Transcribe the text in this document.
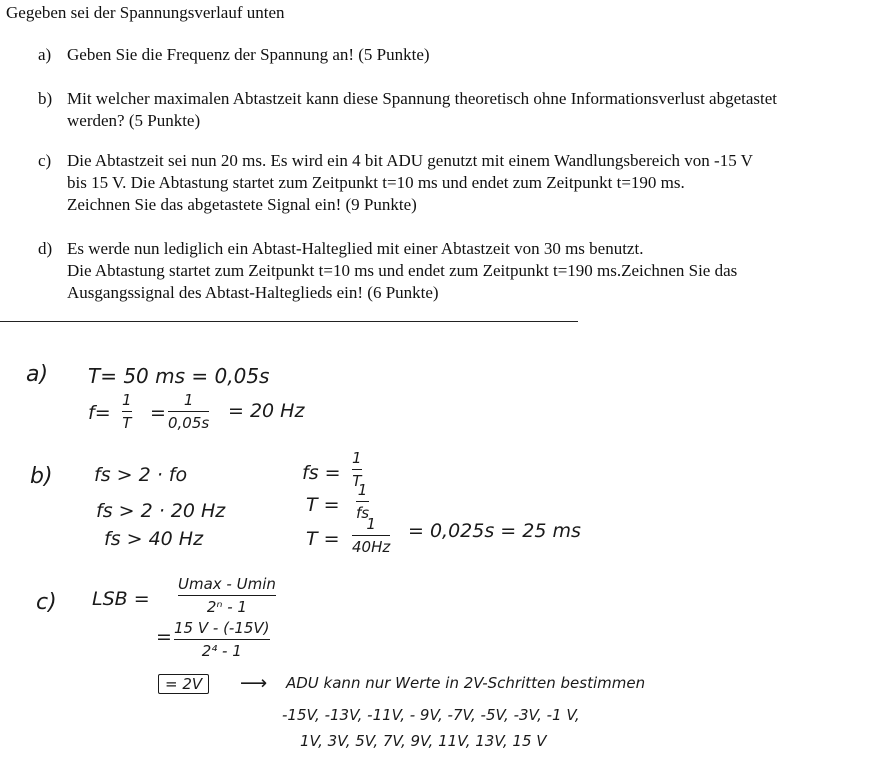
Gegeben sei der Spannungsverlauf unten
a) Geben Sie die Frequenz der Spannung an! (5 Punkte)
b) Mit welcher maximalen Abtastzeit kann diese Spannung theoretisch ohne Informationsverlust abgetastet
werden? (5 Punkte)
c) Die Abtastzeit sei nun 20 ms. Es wird ein 4 bit ADU genutzt mit einem Wandlungsbereich von -15 V
bis 15 V. Die Abtastung startet zum Zeitpunkt t=10 ms und endet zum Zeitpunkt t=190 ms.
Zeichnen Sie das abgetastete Signal ein! (9 Punkte)
d) Es werde nun lediglich ein Abtast-Halteglied mit einer Abtastzeit von 30 ms benutzt.
Die Abtastung startet zum Zeitpunkt t=10 ms und endet zum Zeitpunkt t=190 ms.Zeichnen Sie das
Ausgangssignal des Abtast-Halteglieds ein! (6 Punkte)
a) T= 50 ms = 0,05s
f=
1
T =
1
0,05s
= 20 Hz
b) fs > 2 · fo
fs > 2 · 20 Hz
fs > 40 Hz
fs =
1
T
T =
1
fs
T =
1
40Hz
= 0,025s = 25 ms
c) LSB =
Umax - Umin
2ⁿ - 1
= 15 V - (-15V)
2⁴ - 1
= 2V	⟶ ADU kann nur Werte in 2V-Schritten bestimmen
-15V, -13V, -11V, - 9V, -7V, -5V, -3V, -1 V,
1V, 3V, 5V, 7V, 9V, 11V, 13V, 15 V
